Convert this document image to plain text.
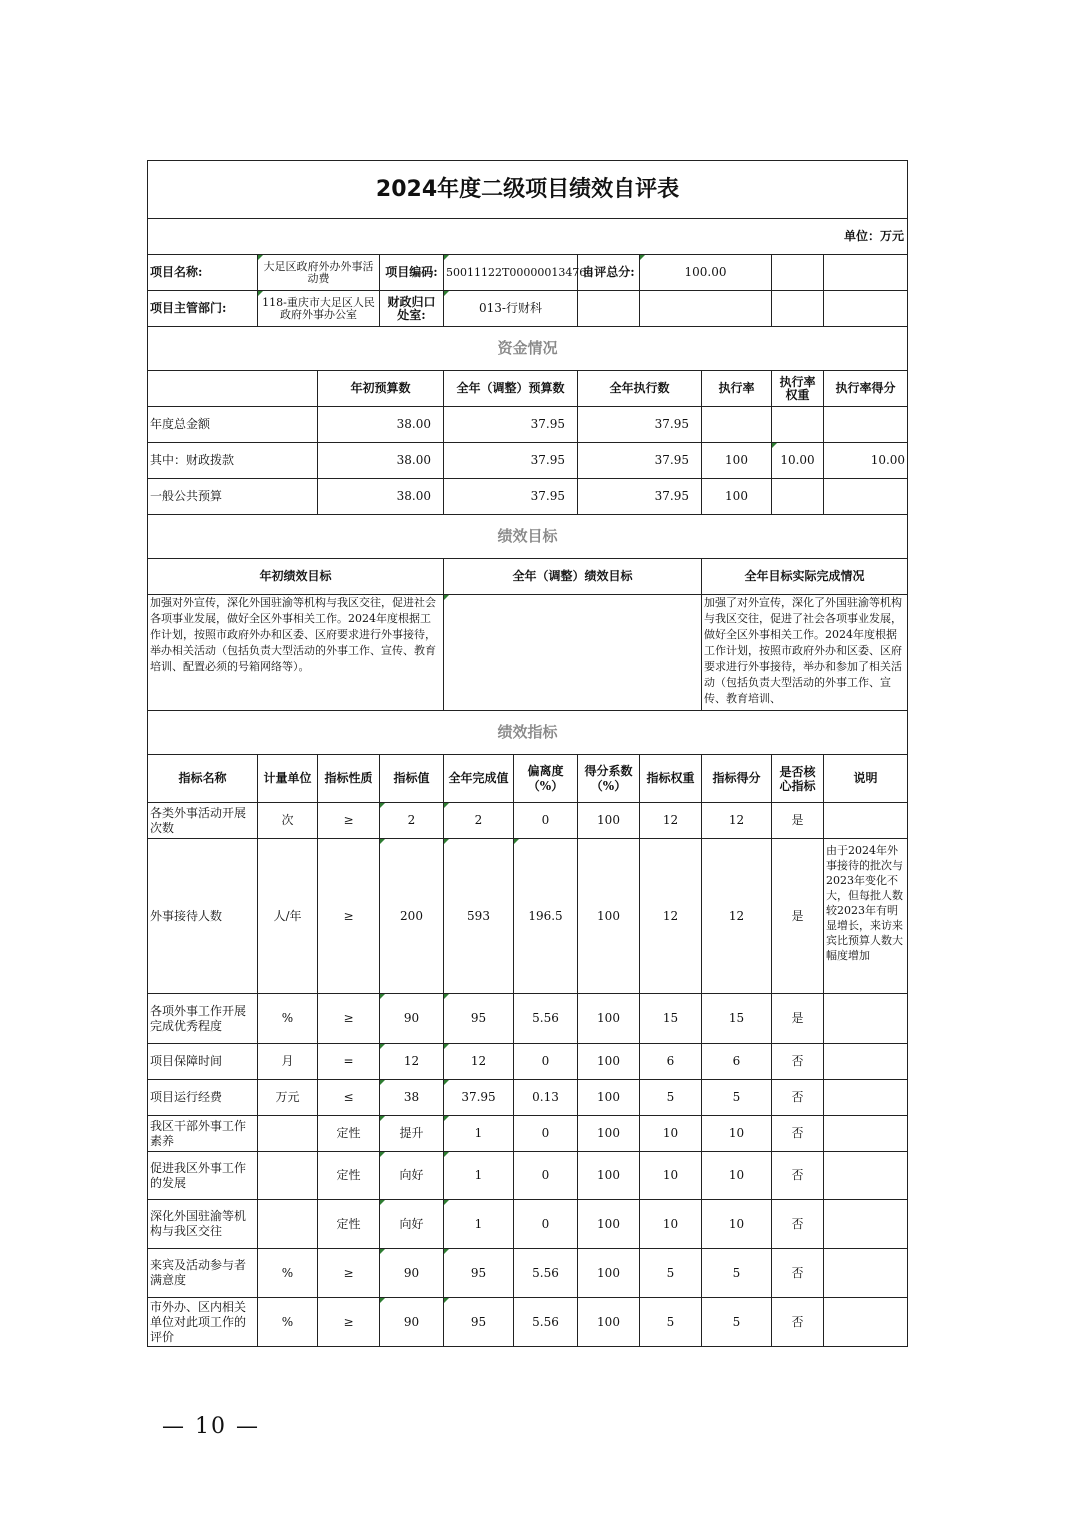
2024年度二级项目绩效自评表										
单位：万元										
项目名称:	大足区政府外办外事活动费		项目编码:	50011122T000000134766		自评总分:	100.00			
项目主管部门:	118-重庆市大足区人民政府外事办公室		财政归口处室:	013-行财科						
资金情况										
		年初预算数		全年（调整）预算数		全年执行数		执行率	执行率权重	执行率得分
年度总金额		38.00		37.95		37.95				
其中：财政拨款		38.00		37.95		37.95		100	10.00	10.00
一般公共预算		38.00		37.95		37.95		100		
绩效目标										
年初绩效目标				全年（调整）绩效目标				全年目标实际完成情况		

加强对外宣传，深化外国驻渝等机构与我区交往，促进社会各项事业发展，做好全区外事相关工作。2024年度根据工作计划，按照市政府外办和区委、区府要求进行外事接待，举办相关活动（包括负责大型活动的外事工作、宣传、教育培训、配置必须的号箱网络等）。								加强了对外宣传，深化了外国驻渝等机构与我区交往，促进了社会各项事业发展，做好全区外事相关工作。2024年度根据工作计划，按照市政府外办和区委、区府要求进行外事接待，举办和参加了相关活动（包括负责大型活动的外事工作、宣传、教育培训、		

绩效指标										
指标名称	计量单位	指标性质	指标值	全年完成值	偏离度（%）	得分系数（%）	指标权重	指标得分	是否核心指标	说明
各类外事活动开展次数	次	≥	2	2	0	100	12	12	是	
外事接待人数	人/年	≥	200	593	196.5	100	12	12	是	由于2024年外事接待的批次与2023年变化不大，但每批人数较2023年有明显增长，来访来宾比预算人数大幅度增加

各项外事工作开展完成优秀程度	%	≥	90	95	5.56	100	15	15	是	
项目保障时间	月	=	12	12	0	100	6	6	否	
项目运行经费	万元	≤	38	37.95	0.13	100	5	5	否	
我区干部外事工作素养		定性	提升	1	0	100	10	10	否	
促进我区外事工作的发展		定性	向好	1	0	100	10	10	否	
深化外国驻渝等机构与我区交往		定性	向好	1	0	100	10	10	否	
来宾及活动参与者满意度	%	≥	90	95	5.56	100	5	5	否	
市外办、区内相关单位对此项工作的评价	%	≥	90	95	5.56	100	5	5	否	
— 10 —
